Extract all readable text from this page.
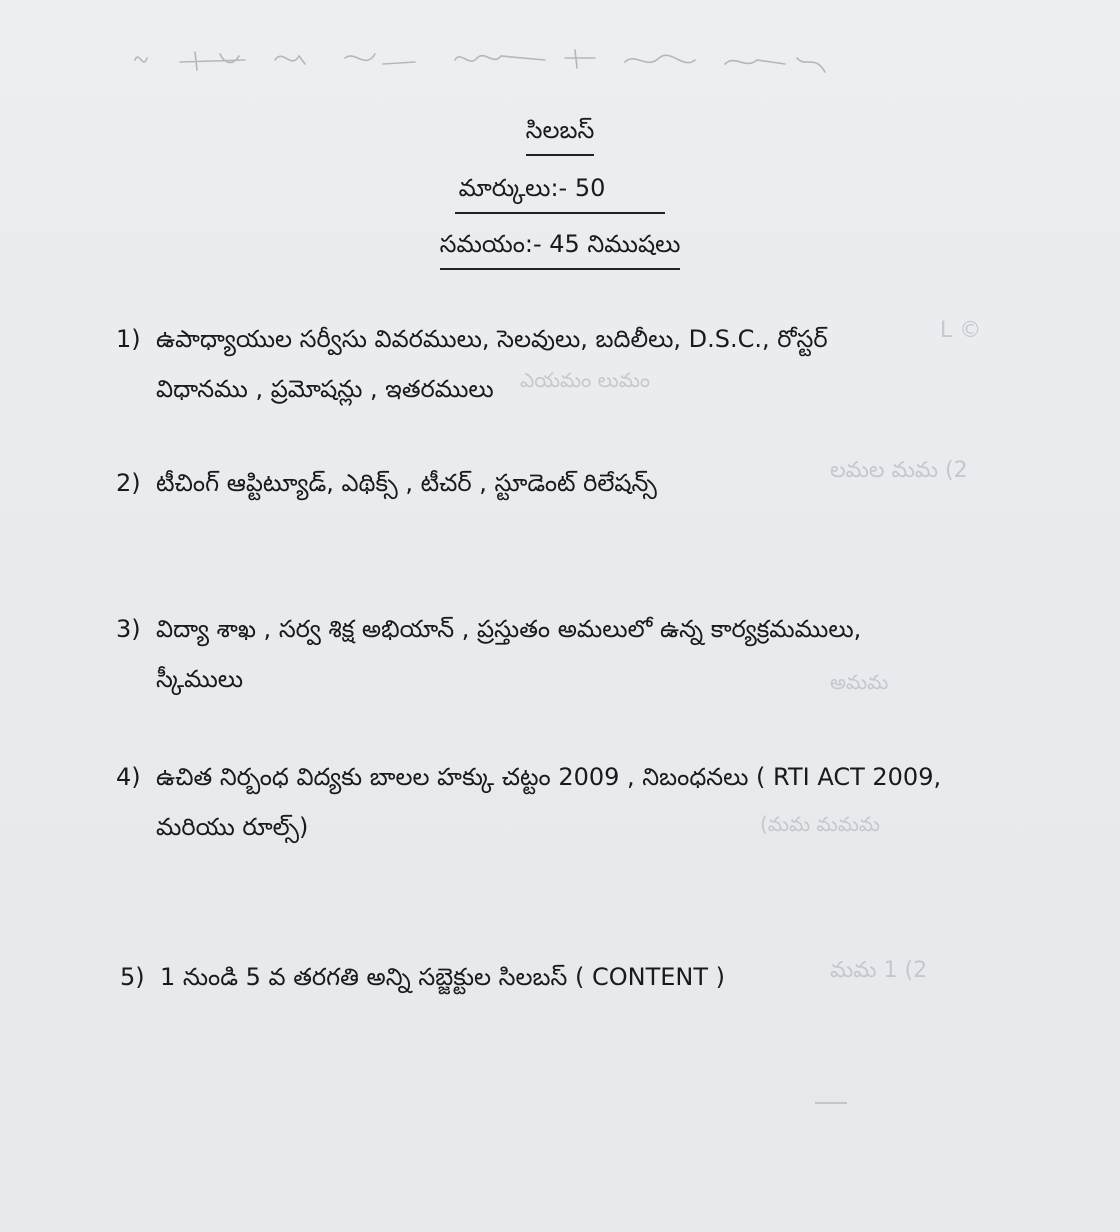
L ©
ఎయమం లుమం
లమల మమ (2
అమమ
(మమ మమమ
మమ 1 (2
సిలబస్
మార్కులు:- 50
సమయం:- 45 నిముషలు
1) ఉపాధ్యాయుల సర్వీసు వివరములు, సెలవులు, బదిలీలు, D.S.C., రోస్టర్
విధానము , ప్రమోషన్లు , ఇతరములు
2) టీచింగ్ ఆప్టిట్యూడ్, ఎథిక్స్ , టీచర్ , స్టూడెంట్ రిలేషన్స్
3) విద్యా శాఖ , సర్వ శిక్ష అభియాన్ , ప్రస్తుతం అమలులో ఉన్న కార్యక్రమములు,
స్కీములు
4) ఉచిత నిర్బంధ విద్యకు బాలల హక్కు చట్టం 2009 , నిబంధనలు ( RTI ACT 2009,
మరియు రూల్స్)
5) 1 నుండి 5 వ తరగతి అన్ని సబ్జెక్టుల సిలబస్ ( CONTENT )
